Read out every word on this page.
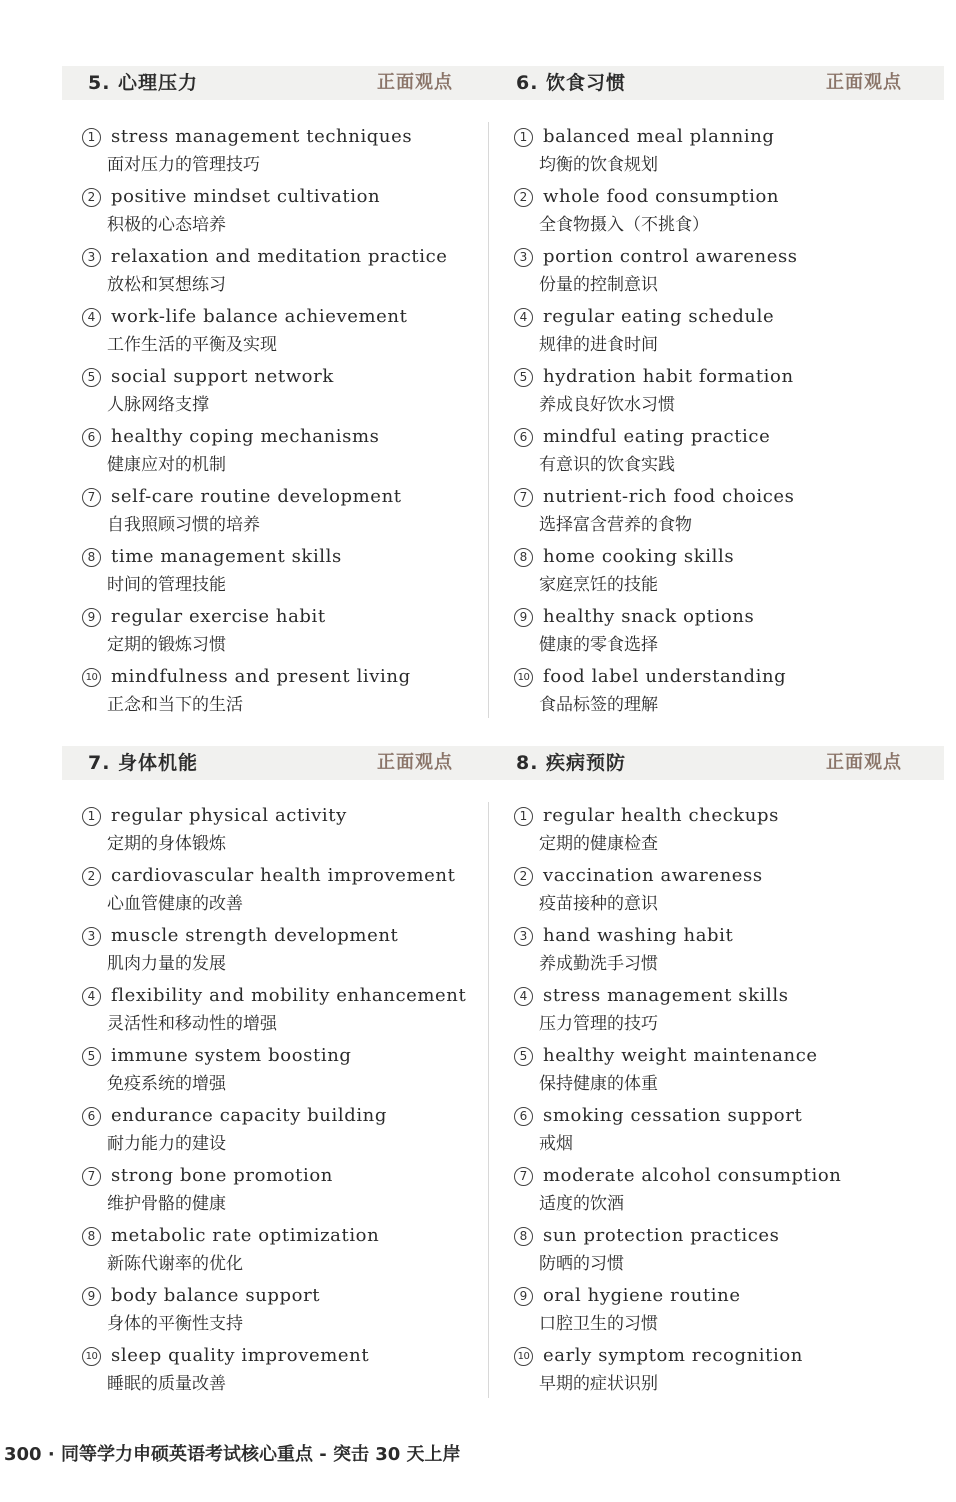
5. 心理压力	正面观点	6. 饮食习惯	正面观点
7. 身体机能	正面观点	8. 疾病预防	正面观点
1 stress management techniques
面对压力的管理技巧
2 positive mindset cultivation
积极的心态培养
3 relaxation and meditation practice
放松和冥想练习
4 work-life balance achievement
工作生活的平衡及实现
5 social support network
人脉网络支撑
6 healthy coping mechanisms
健康应对的机制
7 self-care routine development
自我照顾习惯的培养
8 time management skills
时间的管理技能
9 regular exercise habit
定期的锻炼习惯
10 mindfulness and present living
正念和当下的生活
1 balanced meal planning
均衡的饮食规划
2 whole food consumption
全食物摄入（不挑食）
3 portion control awareness
份量的控制意识
4 regular eating schedule
规律的进食时间
5 hydration habit formation
养成良好饮水习惯
6 mindful eating practice
有意识的饮食实践
7 nutrient-rich food choices
选择富含营养的食物
8 home cooking skills
家庭烹饪的技能
9 healthy snack options
健康的零食选择
10 food label understanding
食品标签的理解
1 regular physical activity
定期的身体锻炼
2 cardiovascular health improvement
心血管健康的改善
3 muscle strength development
肌肉力量的发展
4 flexibility and mobility enhancement
灵活性和移动性的增强
5 immune system boosting
免疫系统的增强
6 endurance capacity building
耐力能力的建设
7 strong bone promotion
维护骨骼的健康
8 metabolic rate optimization
新陈代谢率的优化
9 body balance support
身体的平衡性支持
10 sleep quality improvement
睡眠的质量改善
1 regular health checkups
定期的健康检查
2 vaccination awareness
疫苗接种的意识
3 hand washing habit
养成勤洗手习惯
4 stress management skills
压力管理的技巧
5 healthy weight maintenance
保持健康的体重
6 smoking cessation support
戒烟
7 moderate alcohol consumption
适度的饮酒
8 sun protection practices
防晒的习惯
9 oral hygiene routine
口腔卫生的习惯
10 early symptom recognition
早期的症状识别
300 · 同等学力申硕英语考试核心重点 - 突击 30 天上岸
